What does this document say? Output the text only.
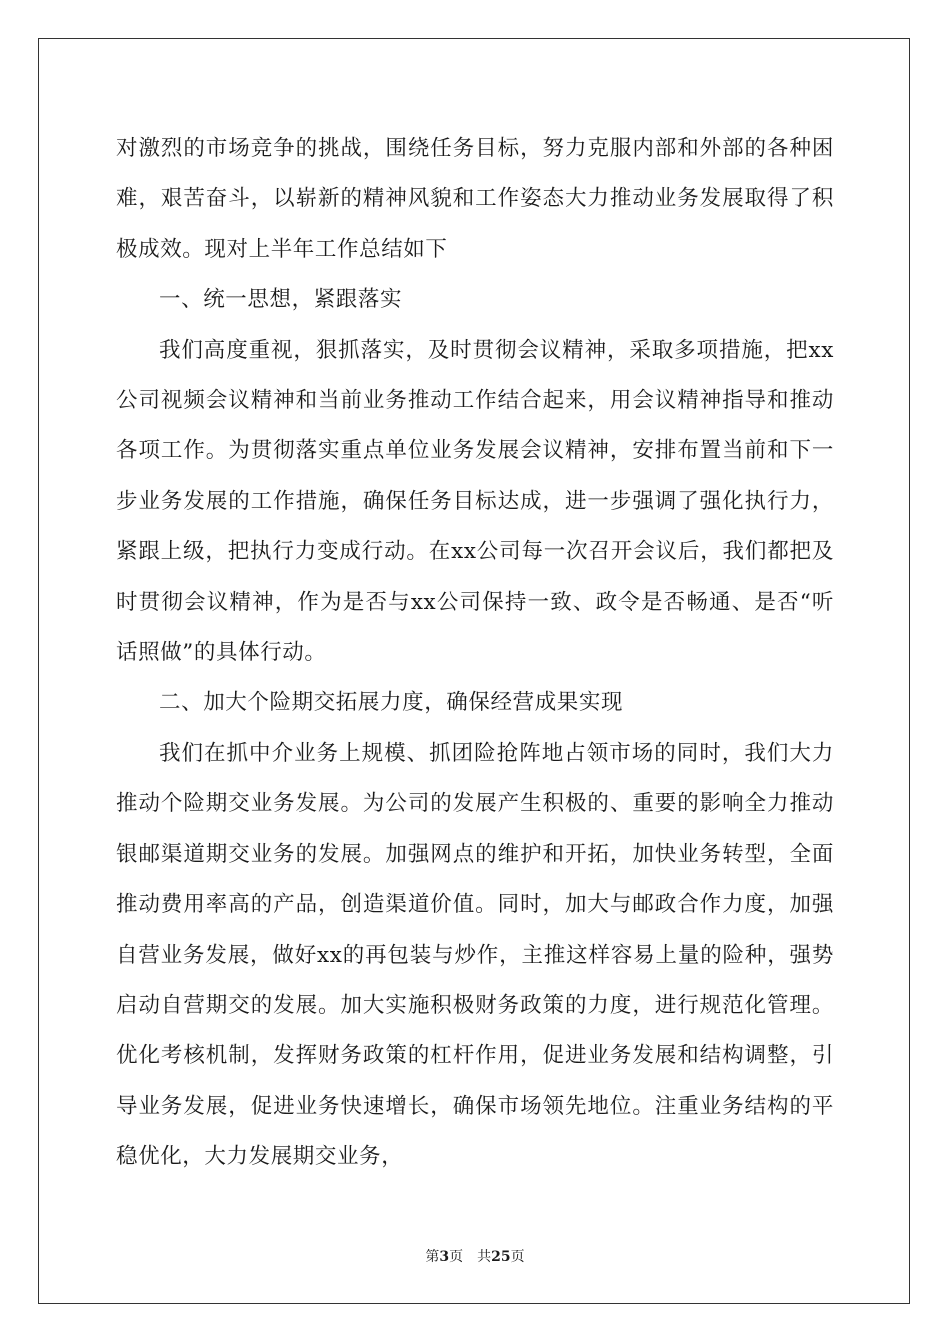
对激烈的市场竞争的挑战，围绕任务目标，努力克服内部和外部的各种困难，艰苦奋斗，以崭新的精神风貌和工作姿态大力推动业务发展取得了积极成效。现对上半年工作总结如下

一、统一思想，紧跟落实

我们高度重视，狠抓落实，及时贯彻会议精神，采取多项措施，把xx公司视频会议精神和当前业务推动工作结合起来，用会议精神指导和推动各项工作。为贯彻落实重点单位业务发展会议精神，安排布置当前和下一步业务发展的工作措施，确保任务目标达成，进一步强调了强化执行力，紧跟上级，把执行力变成行动。在xx公司每一次召开会议后，我们都把及时贯彻会议精神，作为是否与xx公司保持一致、政令是否畅通、是否“听话照做”的具体行动。

二、加大个险期交拓展力度，确保经营成果实现

我们在抓中介业务上规模、抓团险抢阵地占领市场的同时，我们大力推动个险期交业务发展。为公司的发展产生积极的、重要的影响全力推动银邮渠道期交业务的发展。加强网点的维护和开拓，加快业务转型，全面推动费用率高的产品，创造渠道价值。同时，加大与邮政合作力度，加强自营业务发展，做好xx的再包装与炒作，主推这样容易上量的险种，强势启动自营期交的发展。加大实施积极财务政策的力度，进行规范化管理。优化考核机制，发挥财务政策的杠杆作用，促进业务发展和结构调整，引导业务发展，促进业务快速增长，确保市场领先地位。注重业务结构的平稳优化，大力发展期交业务，

第3页 共25页
